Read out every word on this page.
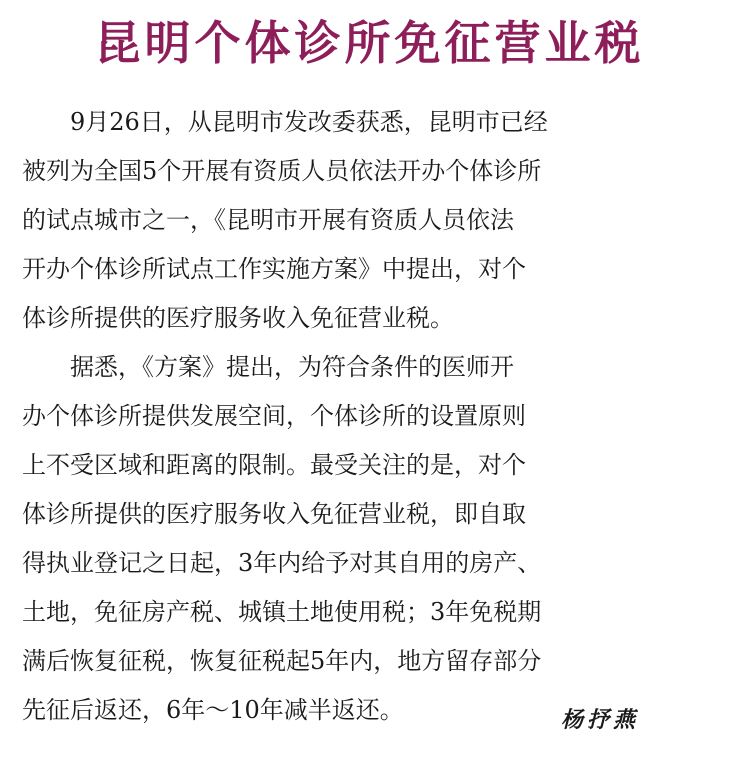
昆明个体诊所免征营业税
　　9月26日，从昆明市发改委获悉，昆明市已经
被列为全国5个开展有资质人员依法开办个体诊所
的试点城市之一，《昆明市开展有资质人员依法
开办个体诊所试点工作实施方案》中提出，对个
体诊所提供的医疗服务收入免征营业税。
　　据悉，《方案》提出，为符合条件的医师开
办个体诊所提供发展空间，个体诊所的设置原则
上不受区域和距离的限制。最受关注的是，对个
体诊所提供的医疗服务收入免征营业税，即自取
得执业登记之日起，3年内给予对其自用的房产、
土地，免征房产税、城镇土地使用税；3年免税期
满后恢复征税，恢复征税起5年内，地方留存部分
先征后返还，6年～10年减半返还。	杨抒燕
